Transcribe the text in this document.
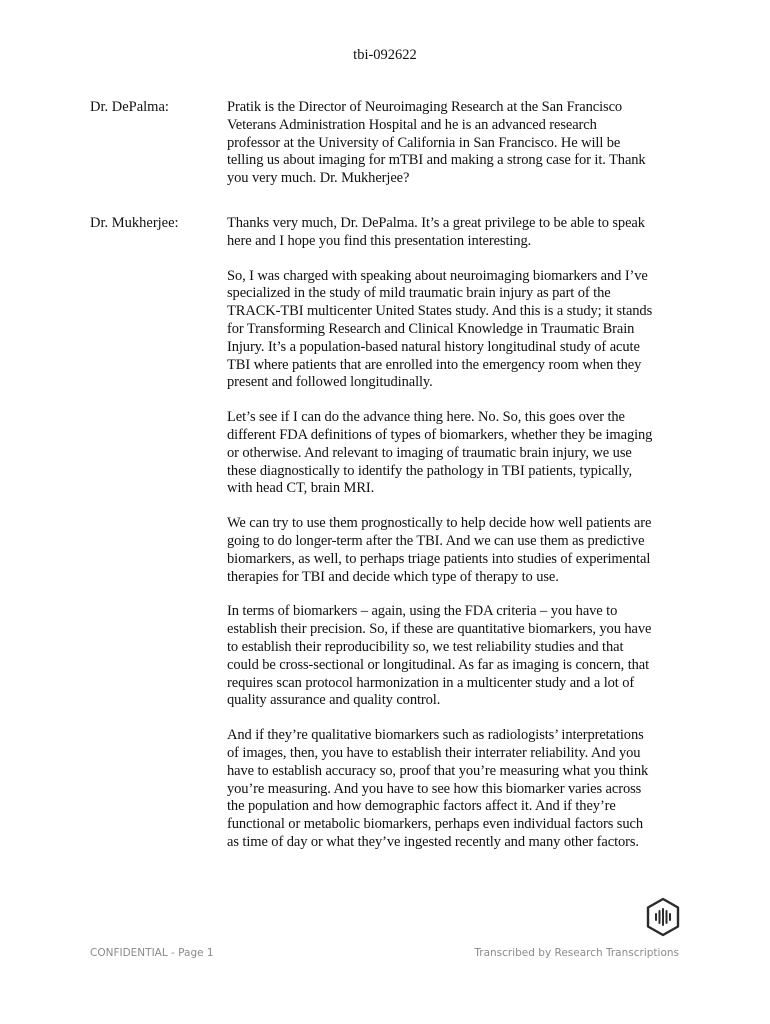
tbi-092622
Dr. DePalma:	Pratik is the Director of Neuroimaging Research at the San Francisco
Veterans Administration Hospital and he is an advanced research
professor at the University of California in San Francisco. He will be
telling us about imaging for mTBI and making a strong case for it. Thank
you very much. Dr. Mukherjee?

Dr. Mukherjee:	Thanks very much, Dr. DePalma. It’s a great privilege to be able to speak
here and I hope you find this presentation interesting.

So, I was charged with speaking about neuroimaging biomarkers and I’ve
specialized in the study of mild traumatic brain injury as part of the
TRACK-TBI multicenter United States study. And this is a study; it stands
for Transforming Research and Clinical Knowledge in Traumatic Brain
Injury. It’s a population-based natural history longitudinal study of acute
TBI where patients that are enrolled into the emergency room when they
present and followed longitudinally.

Let’s see if I can do the advance thing here. No. So, this goes over the
different FDA definitions of types of biomarkers, whether they be imaging
or otherwise. And relevant to imaging of traumatic brain injury, we use
these diagnostically to identify the pathology in TBI patients, typically,
with head CT, brain MRI.

We can try to use them prognostically to help decide how well patients are
going to do longer-term after the TBI. And we can use them as predictive
biomarkers, as well, to perhaps triage patients into studies of experimental
therapies for TBI and decide which type of therapy to use.

In terms of biomarkers – again, using the FDA criteria – you have to
establish their precision. So, if these are quantitative biomarkers, you have
to establish their reproducibility so, we test reliability studies and that
could be cross-sectional or longitudinal. As far as imaging is concern, that
requires scan protocol harmonization in a multicenter study and a lot of
quality assurance and quality control.

And if they’re qualitative biomarkers such as radiologists’ interpretations
of images, then, you have to establish their interrater reliability. And you
have to establish accuracy so, proof that you’re measuring what you think
you’re measuring. And you have to see how this biomarker varies across
the population and how demographic factors affect it. And if they’re
functional or metabolic biomarkers, perhaps even individual factors such
as time of day or what they’ve ingested recently and many other factors.

CONFIDENTIAL - Page 1	Transcribed by Research Transcriptions
